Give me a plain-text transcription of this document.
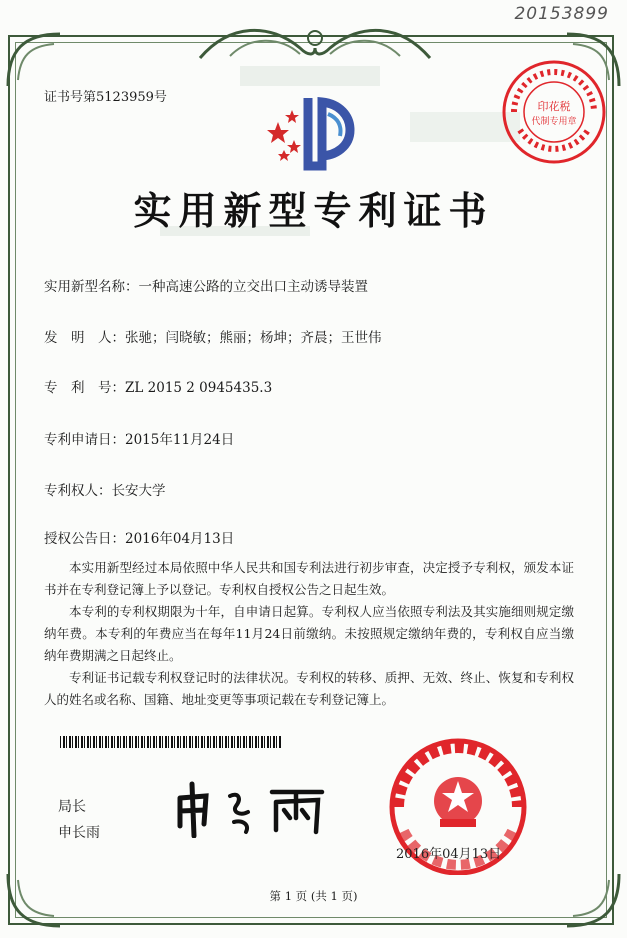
20153899
证书号第5123959号
印花税
代制专用章
实用新型专利证书
实用新型名称：一种高速公路的立交出口主动诱导装置
发　明　人：张驰；闫晓敏；熊丽；杨坤；齐晨；王世伟
专　利　号：ZL 2015 2 0945435.3
专利申请日：2015年11月24日
专利权人：长安大学
授权公告日：2016年04月13日
本实用新型经过本局依照中华人民共和国专利法进行初步审查，决定授予专利权，颁发本证书并在专利登记簿上予以登记。专利权自授权公告之日起生效。
本专利的专利权期限为十年，自申请日起算。专利权人应当依照专利法及其实施细则规定缴纳年费。本专利的年费应当在每年11月24日前缴纳。未按照规定缴纳年费的，专利权自应当缴纳年费期满之日起终止。
专利证书记载专利权登记时的法律状况。专利权的转移、质押、无效、终止、恢复和专利权人的姓名或名称、国籍、地址变更等事项记载在专利登记簿上。
局长
申长雨
2016年04月13日
第 1 页 (共 1 页)
